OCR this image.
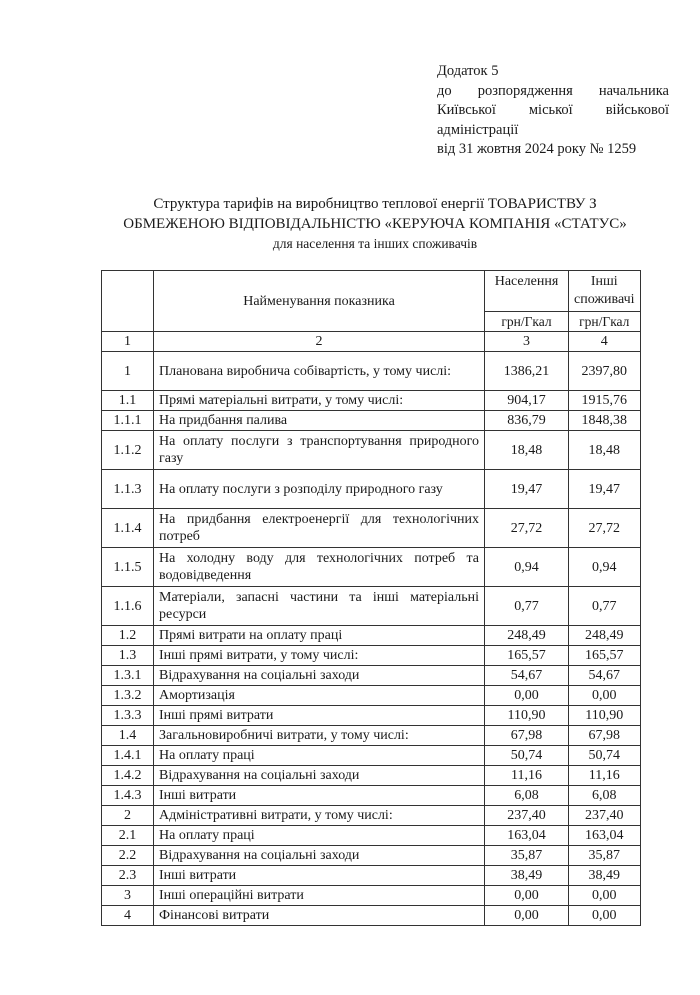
Додаток 5
до розпорядження начальника
Київської міської військової
адміністрації
від 31 жовтня 2024 року № 1259
Структура тарифів на виробництво теплової енергії ТОВАРИСТВУ З
ОБМЕЖЕНОЮ ВІДПОВІДАЛЬНІСТЮ «КЕРУЮЧА КОМПАНІЯ «СТАТУС»
для населення та інших споживачів
	Найменування показника	Населення	Інші
споживачі
		грн/Гкал	грн/Гкал
1	2	3	4
1	Планована виробнича собівартість, у тому числі:	1386,21	2397,80
1.1	Прямі матеріальні витрати, у тому числі:	904,17	1915,76
1.1.1	На придбання палива	836,79	1848,38
1.1.2	На оплату послуги з транспортування природного газу	18,48	18,48
1.1.3	На оплату послуги з розподілу природного газу	19,47	19,47
1.1.4	На придбання електроенергії для технологічних потреб	27,72	27,72
1.1.5	На холодну воду для технологічних потреб та водовідведення	0,94	0,94
1.1.6	Матеріали, запасні частини та інші матеріальні ресурси	0,77	0,77
1.2	Прямі витрати на оплату праці	248,49	248,49
1.3	Інші прямі витрати, у тому числі:	165,57	165,57
1.3.1	Відрахування на соціальні заходи	54,67	54,67
1.3.2	Амортизація	0,00	0,00
1.3.3	Інші прямі витрати	110,90	110,90
1.4	Загальновиробничі витрати, у тому числі:	67,98	67,98
1.4.1	На оплату праці	50,74	50,74
1.4.2	Відрахування на соціальні заходи	11,16	11,16
1.4.3	Інші витрати	6,08	6,08
2	Адміністративні витрати, у тому числі:	237,40	237,40
2.1	На оплату праці	163,04	163,04
2.2	Відрахування на соціальні заходи	35,87	35,87
2.3	Інші витрати	38,49	38,49
3	Інші операційні витрати	0,00	0,00
4	Фінансові витрати	0,00	0,00
